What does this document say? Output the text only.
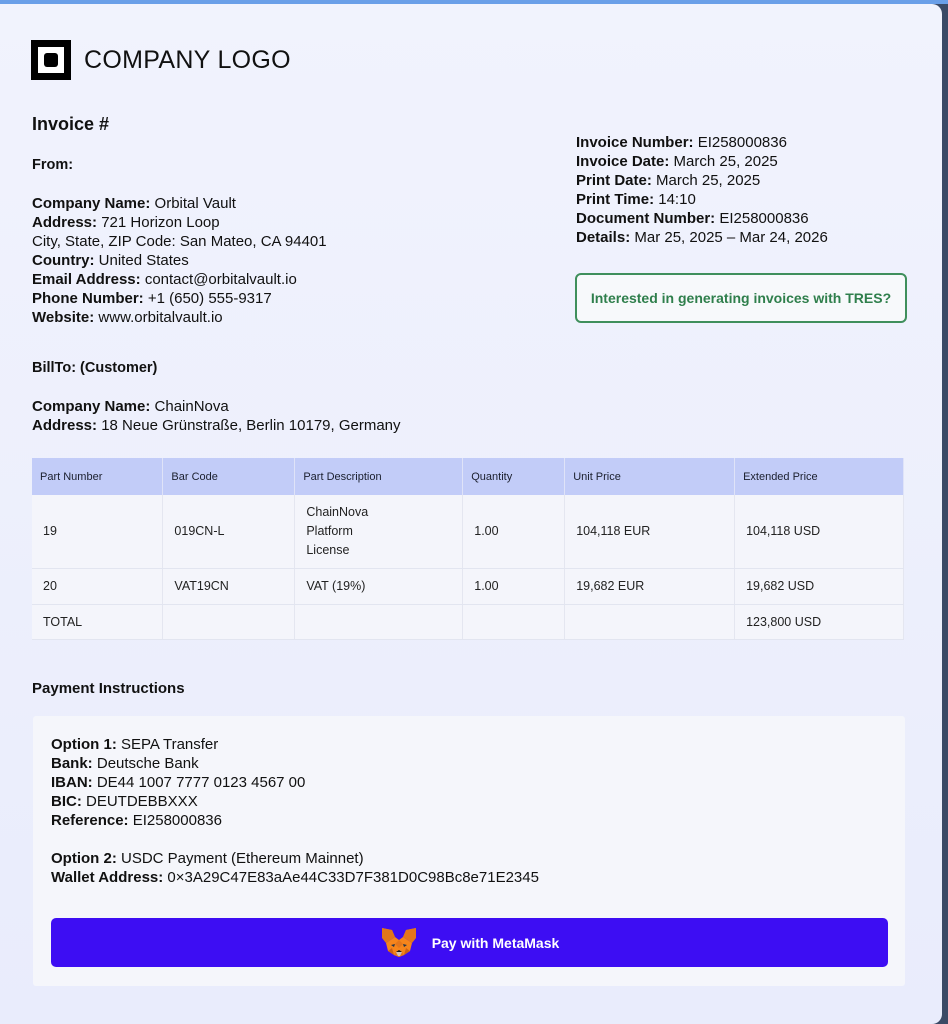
COMPANY LOGO
Invoice #
From:
Company Name: Orbital Vault
Address: 721 Horizon Loop
City, State, ZIP Code: San Mateo, CA 94401
Country: United States
Email Address: contact@orbitalvault.io
Phone Number: +1 (650) 555-9317
Website: www.orbitalvault.io
Invoice Number: EI258000836
Invoice Date: March 25, 2025
Print Date: March 25, 2025
Print Time: 14:10
Document Number: EI258000836
Details: Mar 25, 2025 – Mar 24, 2026
Interested in generating invoices with TRES?
BillTo: (Customer)
Company Name: ChainNova
Address: 18 Neue Grünstraße, Berlin 10179, Germany
Part Number	Bar Code	Part Description	Quantity	Unit Price	Extended Price
19	019CN-L	ChainNova
Platform
License	1.00	104,118 EUR	104,118 USD
20	VAT19CN	VAT (19%)	1.00	19,682 EUR	19,682 USD
TOTAL					123,800 USD
Payment Instructions
Option 1: SEPA Transfer
Bank: Deutsche Bank
IBAN: DE44 1007 7777 0123 4567 00
BIC: DEUTDEBBXXX
Reference: EI258000836
Option 2: USDC Payment (Ethereum Mainnet)
Wallet Address: 0×3A29C47E83aAe44C33D7F381D0C98Bc8e71E2345
Pay with MetaMask
